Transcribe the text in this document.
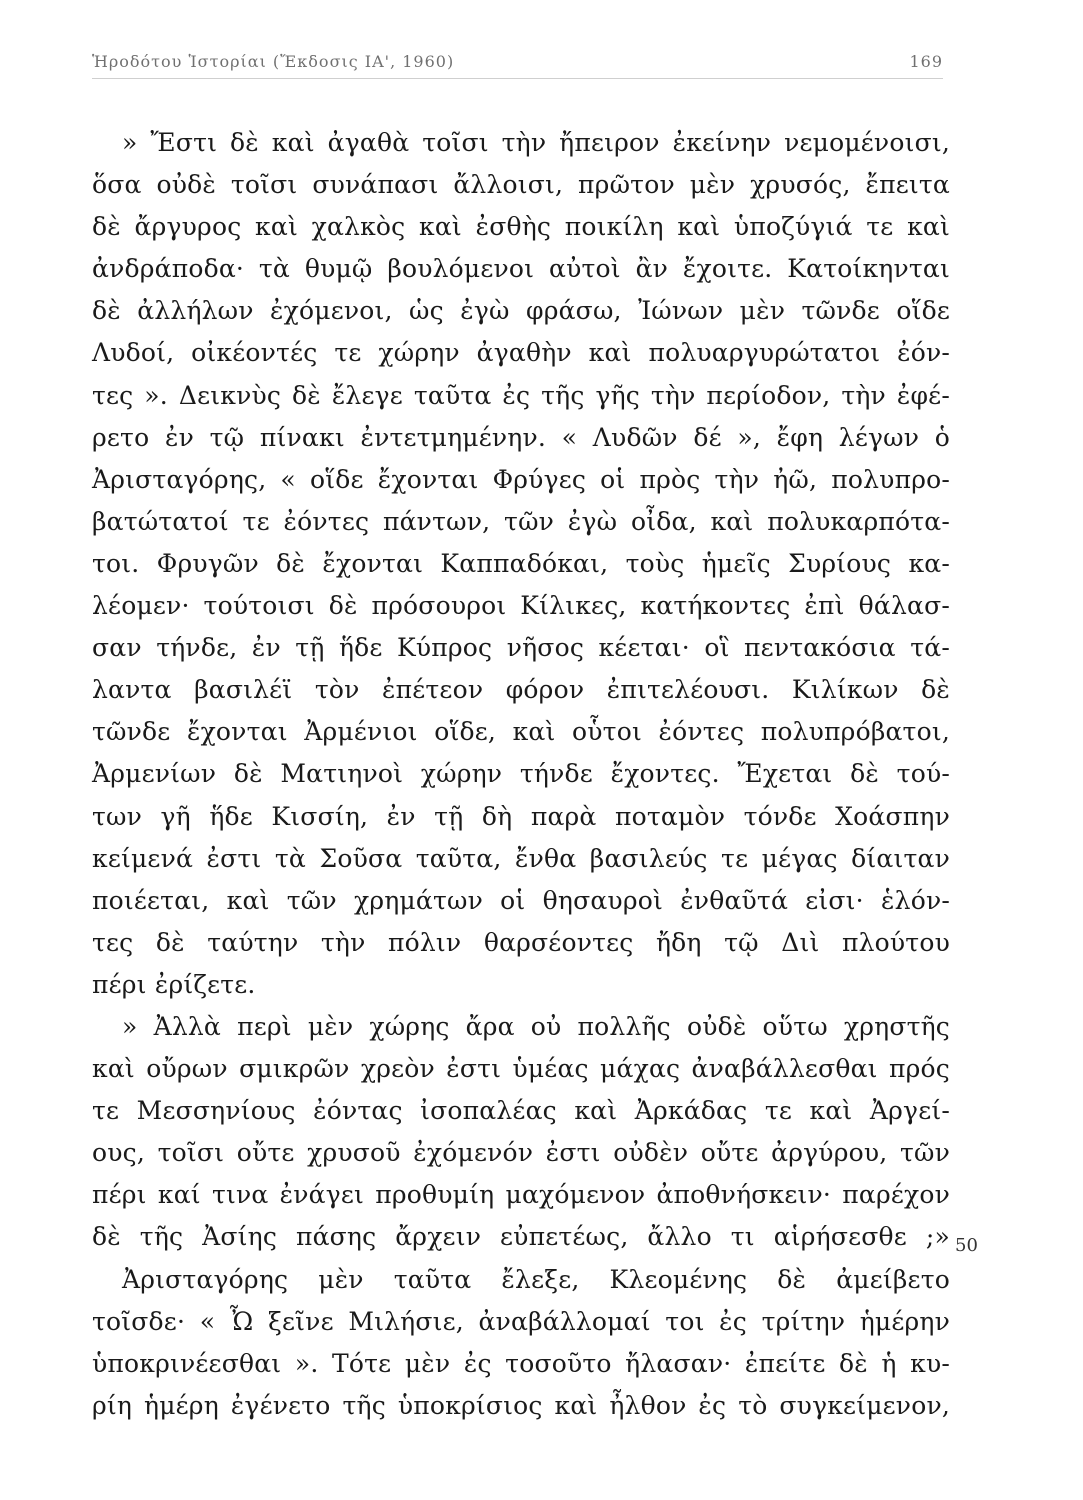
Ἡροδότου Ἱστορίαι (Ἔκδοσις ΙΑ', 1960)	169
» Ἔστι δὲ καὶ ἀγαθὰ τοῖσι τὴν ἤπειρον ἐκείνην νεμομένοισι,
ὅσα οὐδὲ τοῖσι συνάπασι ἄλλοισι, πρῶτον μὲν χρυσός, ἔπειτα
δὲ ἄργυρος καὶ χαλκὸς καὶ ἐσθὴς ποικίλη καὶ ὑποζύγιά τε καὶ
ἀνδράποδα· τὰ θυμῷ βουλόμενοι αὐτοὶ ἂν ἔχοιτε. Κατοίκηνται
δὲ ἀλλήλων ἐχόμενοι, ὡς ἐγὼ φράσω, Ἰώνων μὲν τῶνδε οἵδε
Λυδοί, οἰκέοντές τε χώρην ἀγαθὴν καὶ πολυαργυρώτατοι ἐόν-
τες ». Δεικνὺς δὲ ἔλεγε ταῦτα ἐς τῆς γῆς τὴν περίοδον, τὴν ἐφέ-
ρετο ἐν τῷ πίνακι ἐντετμημένην. « Λυδῶν δέ », ἔφη λέγων ὁ
Ἀρισταγόρης, « οἵδε ἔχονται Φρύγες οἱ πρὸς τὴν ἠῶ, πολυπρο-
βατώτατοί τε ἐόντες πάντων, τῶν ἐγὼ οἶδα, καὶ πολυκαρπότα-
τοι. Φρυγῶν δὲ ἔχονται Καππαδόκαι, τοὺς ἡμεῖς Συρίους κα-
λέομεν· τούτοισι δὲ πρόσουροι Κίλικες, κατήκοντες ἐπὶ θάλασ-
σαν τήνδε, ἐν τῇ ἥδε Κύπρος νῆσος κέεται· οἳ πεντακόσια τά-
λαντα βασιλέϊ τὸν ἐπέτεον φόρον ἐπιτελέουσι. Κιλίκων δὲ
τῶνδε ἔχονται Ἀρμένιοι οἵδε, καὶ οὗτοι ἐόντες πολυπρόβατοι,
Ἀρμενίων δὲ Ματιηνοὶ χώρην τήνδε ἔχοντες. Ἔχεται δὲ τού-
των γῆ ἥδε Κισσίη, ἐν τῇ δὴ παρὰ ποταμὸν τόνδε Χοάσπην
κείμενά ἐστι τὰ Σοῦσα ταῦτα, ἔνθα βασιλεύς τε μέγας δίαιταν
ποιέεται, καὶ τῶν χρημάτων οἱ θησαυροὶ ἐνθαῦτά εἰσι· ἑλόν-
τες δὲ ταύτην τὴν πόλιν θαρσέοντες ἤδη τῷ Διὶ πλούτου
πέρι ἐρίζετε.
» Ἀλλὰ περὶ μὲν χώρης ἄρα οὐ πολλῆς οὐδὲ οὕτω χρηστῆς
καὶ οὔρων σμικρῶν χρεὸν ἐστι ὑμέας μάχας ἀναβάλλεσθαι πρός
τε Μεσσηνίους ἐόντας ἰσοπαλέας καὶ Ἀρκάδας τε καὶ Ἀργεί-
ους, τοῖσι οὔτε χρυσοῦ ἐχόμενόν ἐστι οὐδὲν οὔτε ἀργύρου, τῶν
πέρι καί τινα ἐνάγει προθυμίη μαχόμενον ἀποθνήσκειν· παρέχον
δὲ τῆς Ἀσίης πάσης ἄρχειν εὐπετέως, ἄλλο τι αἱρήσεσθε ;»
Ἀρισταγόρης μὲν ταῦτα ἔλεξε, Κλεομένης δὲ ἀμείβετο
τοῖσδε· « Ὦ ξεῖνε Μιλήσιε, ἀναβάλλομαί τοι ἐς τρίτην ἡμέρην
ὑποκρινέεσθαι ». Τότε μὲν ἐς τοσοῦτο ἤλασαν· ἐπείτε δὲ ἡ κυ-
ρίη ἡμέρη ἐγένετο τῆς ὑποκρίσιος καὶ ἦλθον ἐς τὸ συγκείμενον,
50
